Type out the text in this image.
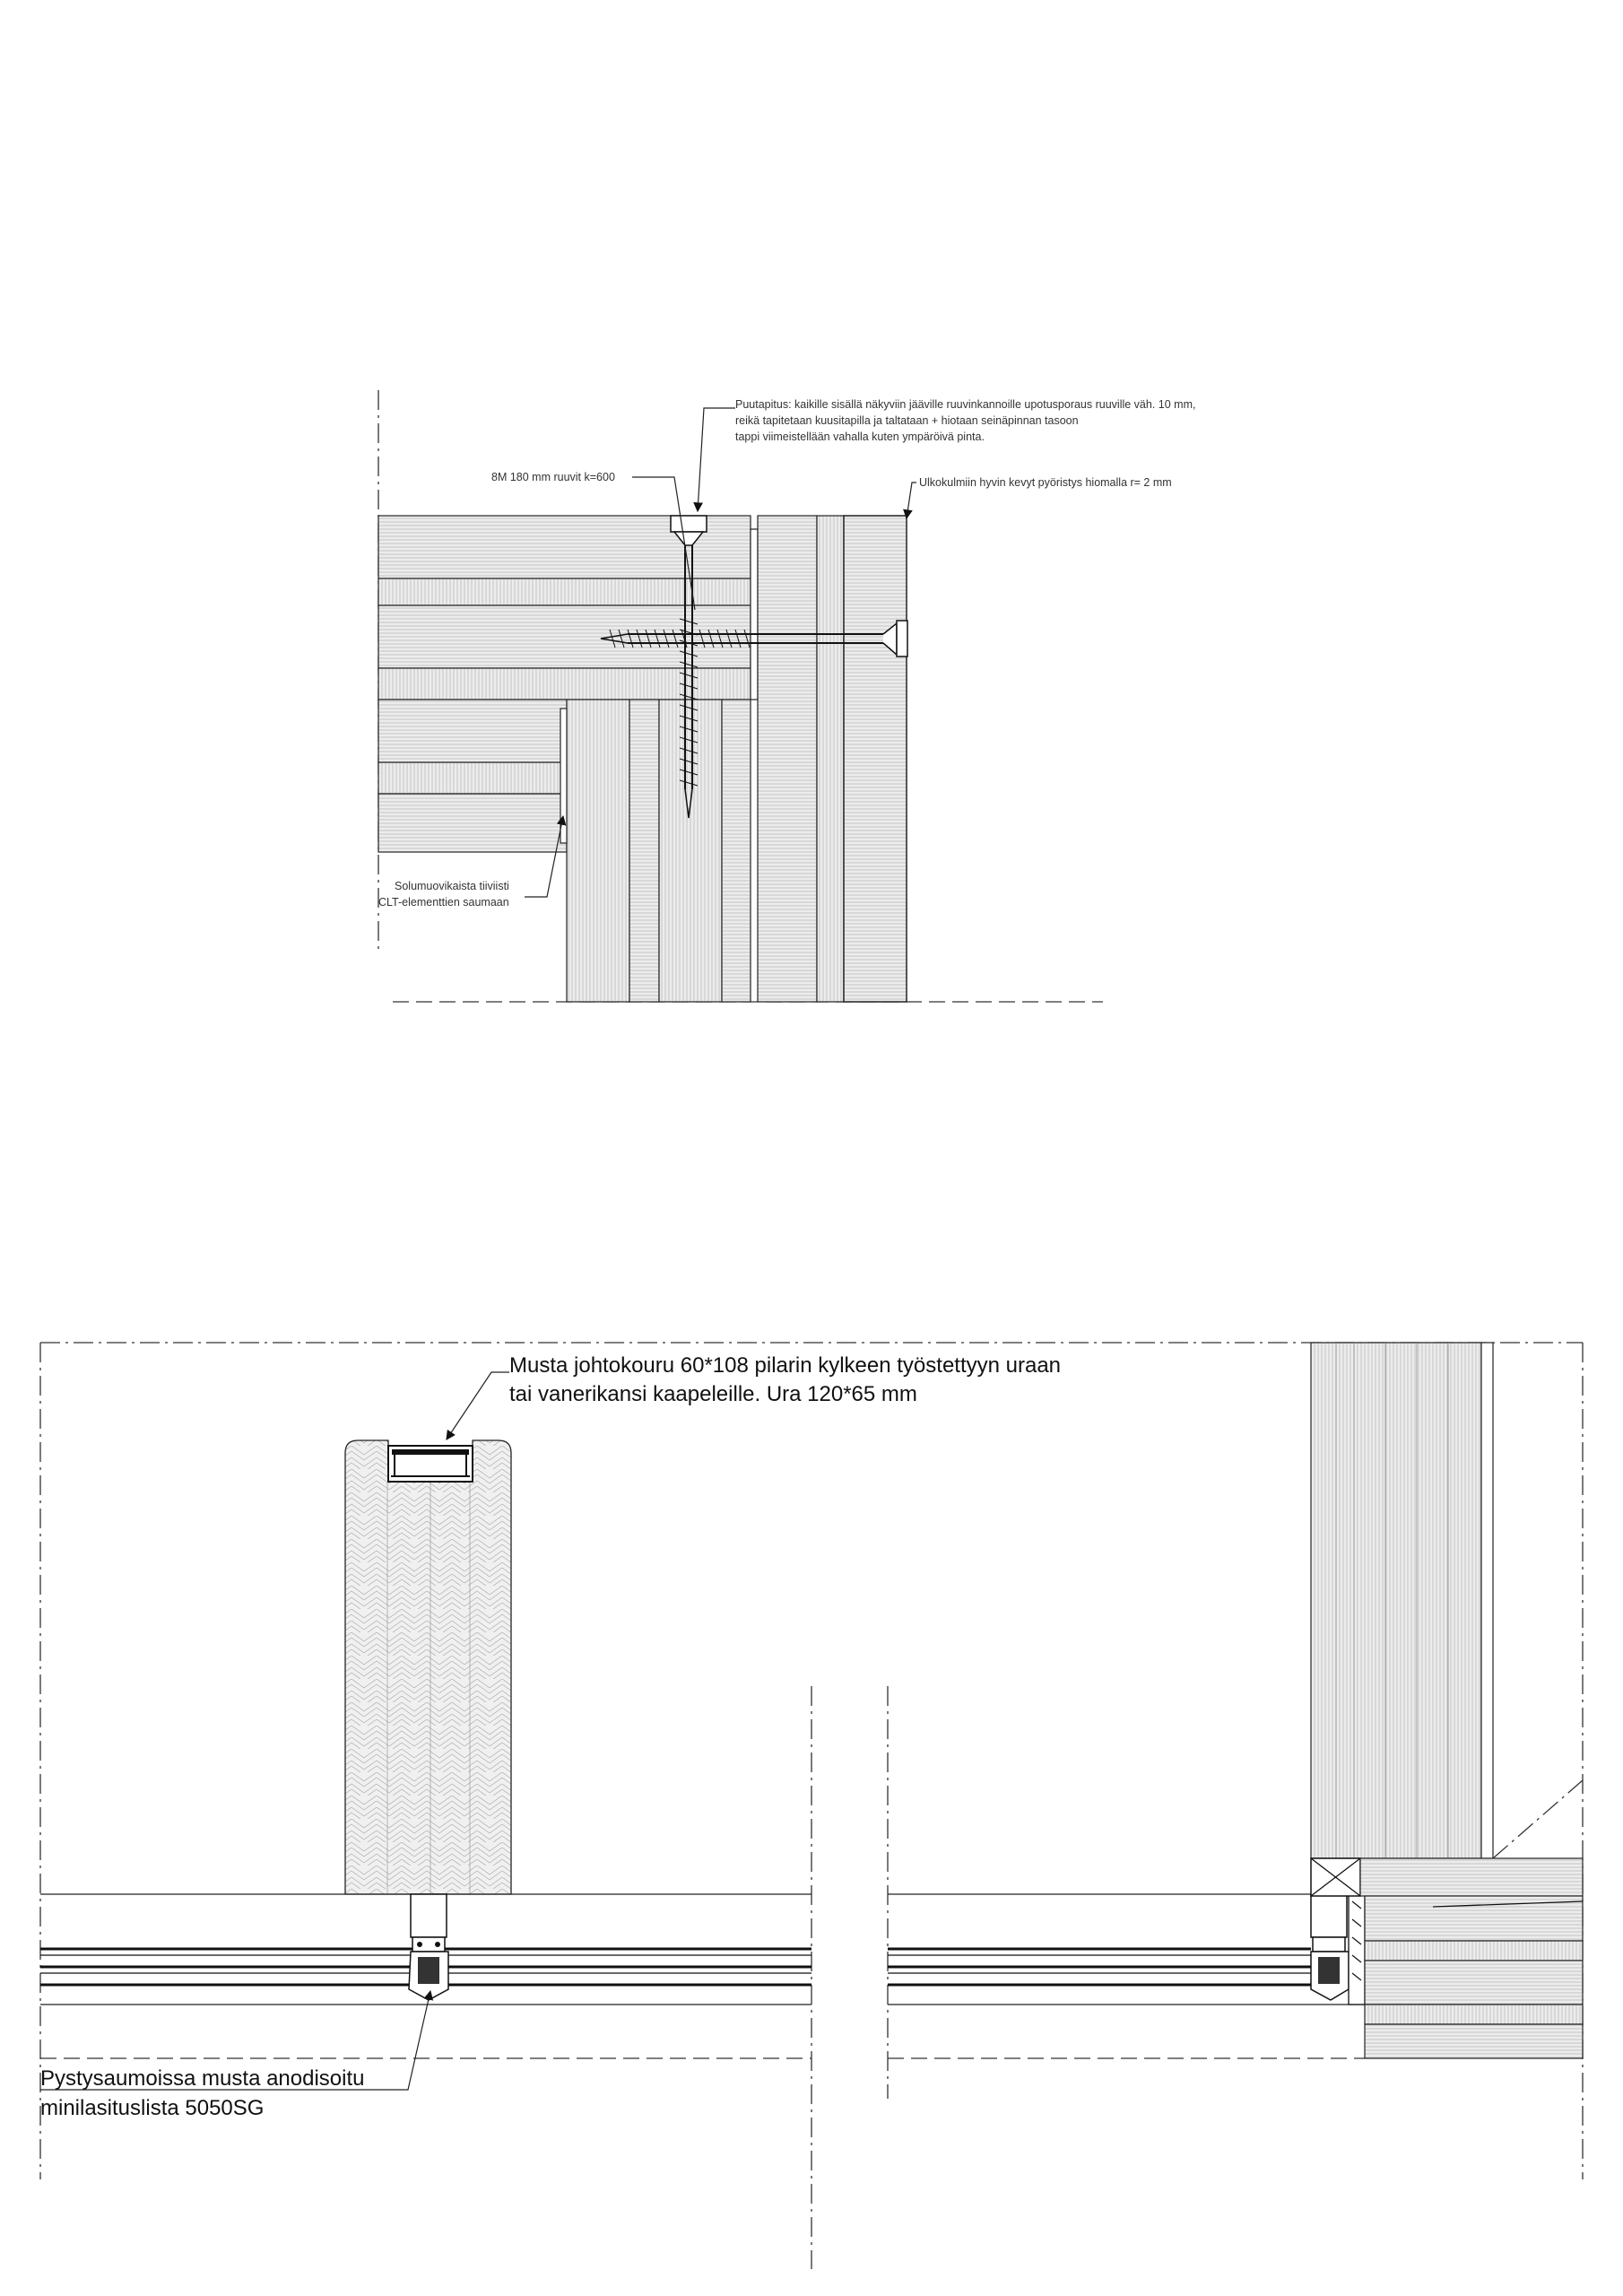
Puutapitus: kaikille sisällä näkyviin jääville ruuvinkannoille upotusporaus ruuville väh. 10 mm,
reikä tapitetaan kuusitapilla ja taltataan + hiotaan seinäpinnan tasoon
tappi viimeistellään vahalla kuten ympäröivä pinta.
8M 180 mm ruuvit k=600	Ulkokulmiin hyvin kevyt pyöristys hiomalla r= 2 mm
Solumuovikaista tiiviisti
CLT-elementtien saumaan
Musta johtokouru 60*108 pilarin kylkeen työstettyyn uraan
tai vanerikansi kaapeleille. Ura 120*65 mm
Pystysaumoissa musta anodisoitu
minilasituslista 5050SG
